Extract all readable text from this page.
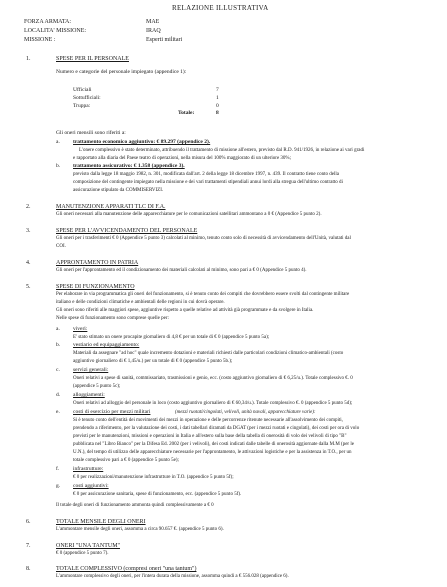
RELAZIONE ILLUSTRATIVA
FORZA ARMATA:	MAE
LOCALITA' MISSIONE:	IRAQ
MISSIONE :	Esperti militari
1.	SPESE PER IL PERSONALE
Numero e categorie del personale impiegato (appendice 1):
Ufficiali	7
Sottufficiali:	1
Truppa:	0
Totale:	8
Gli oneri mensili sono riferiti a:
a. trattamento economico aggiuntivo: € 89.297 (appendice 2).
L'onere complessivo è stato determinato, attribuendo il trattamento di missione all'estero, previsto dal R.D. 941/1926, in relazione ai vari gradi
e rapportato alla diaria del Paese teatro di operazioni, nella misura del 100% maggiorato di un ulteriore 30%;
b. trattamento assicurativo: € 1.358 (appendice 3).
previsto dalla legge 18 maggio 1982, n. 301, modificata dall'art. 2 della legge 18 dicembre 1997, n. 439. Il contratto tiene conto della
composizione del contingente impiegato nella missione e dei vari trattamenti stipendiali annui lordi alla stregua dell'ultimo contratto di
assicurazione stipulato da COMMISERVIZI.
2.	MANUTENZIONE APPARATI TLC DI F.A.
Gli oneri necessari alla manutenzione delle apparecchiature per le comunicazioni satellitari ammontano a 0 € (Appendice 5 punto 2).
3.	SPESE PER L'AVVICENDAMENTO DEL PERSONALE
Gli oneri per i trasferimenti € 0 (Appendice 5 punto 3) calcolati al minimo, tenuto conto solo di necessità di avvicendamento dell'Unità, valutati dal
COI.
4.	APPRONTAMENTO IN PATRIA
Gli oneri per l'approntamento ed il condizionamento dei materiali calcolati al minimo, sono pari a € 0 (Appendice 5 punto 4).
5.	SPESE DI FUNZIONAMENTO
Per elaborare in via programmatica gli oneri del funzionamento, si è tenuto conto dei compiti che dovrebbero essere svolti dal contingente militare
italiano e delle condizioni climatiche e ambientali delle regioni in cui dovrà operare.
Gli oneri sono riferiti alle maggiori spese, aggiuntive rispetto a quelle relative ad attività già programmate e da svolgere in Italia.
Nelle spese di funzionamento sono comprese quelle per:
a. viveri:
E' stato stimato un onere procapite giornaliero di 4,8 € per un totale di € 0 (appendice 5 punto 5a);
b. vestiario ed equipaggiamento:
Materiali da assegnare "ad hoc" quale incremento dotazioni e materiali richiesti dalle particolari condizioni climatico-ambientali (costo
aggiuntivo giornaliero di € 1,45/u.) per un totale di € 0 (appendice 5 punto 5b.);
c. servizi generali:
Oneri relativi a spese di sanità, commissariato, trasmissioni e genio, ecc. (costo aggiuntivo giornaliero di € 6,25/u.). Totale complessivo €. 0
(appendice 5 punto 5c);
d. alloggiamenti:
Oneri relativi ad alloggio del personale in loco (costo aggiuntivo giornaliero di € 60,34/u.). Totale complessivo €. 0 (appendice 5 punto 5d);
e. costi di esercizio per mezzi militari	(mezzi ruotati/cingolati, velivoli, unità navali, apparecchiature varie):
Si è tenuto conto dell'entità dei movimenti dei mezzi in operazione e delle percorrenze ritenute necessarie all'assolvimento dei compiti,
prendendo a riferimento, per la valutazione dei costi, i dati tabellari diramati da DGAT (per i mezzi ruotati e cingolati), dei costi per ora di volo
previsti per le manutenzioni, missioni e operazioni in Italia e all'estero sulla base della tabella di onerosità di volo dei velivoli di tipo "B"
pubblicata nel "Libro Bianco" per la Difesa Ed. 2002 (per i velivoli), dei costi indicati dalle tabelle di onerosità aggiornate dalla M.M (per le
U.N.), del tempo di utilizzo delle apparecchiature necessarie per l'approntamento, le attivazioni logistiche e per la assistenza in T.O., per un
totale complessivo pari a € 0 (appendice 5 punto 5e);
f.	infrastrutture:
€ 0 per realizzazioni/manutenzione infrastrutture in T.O. (appendice 5 punto 5f);
g. costi aggiuntivi:
€ 0 per assicurazione sanitaria, spese di funzionamento, ecc. (appendice 5 punto 5f).
Il totale degli oneri di funzionamento ammonta quindi complessivamente a € 0
6.	TOTALE MENSILE DEGLI ONERI
L'ammontare mensile degli oneri, assomma a circa 90.657 €. (appendice 5 punto 6).
7.	ONERI "UNA TANTUM"
€ 0 (appendice 5 punto 7).
8.	TOTALE COMPLESSIVO (compresi oneri "una tantum")
L'ammontare complessivo degli oneri, per l'intera durata della missione, assomma quindi a € 556.028 (appendice 6).
